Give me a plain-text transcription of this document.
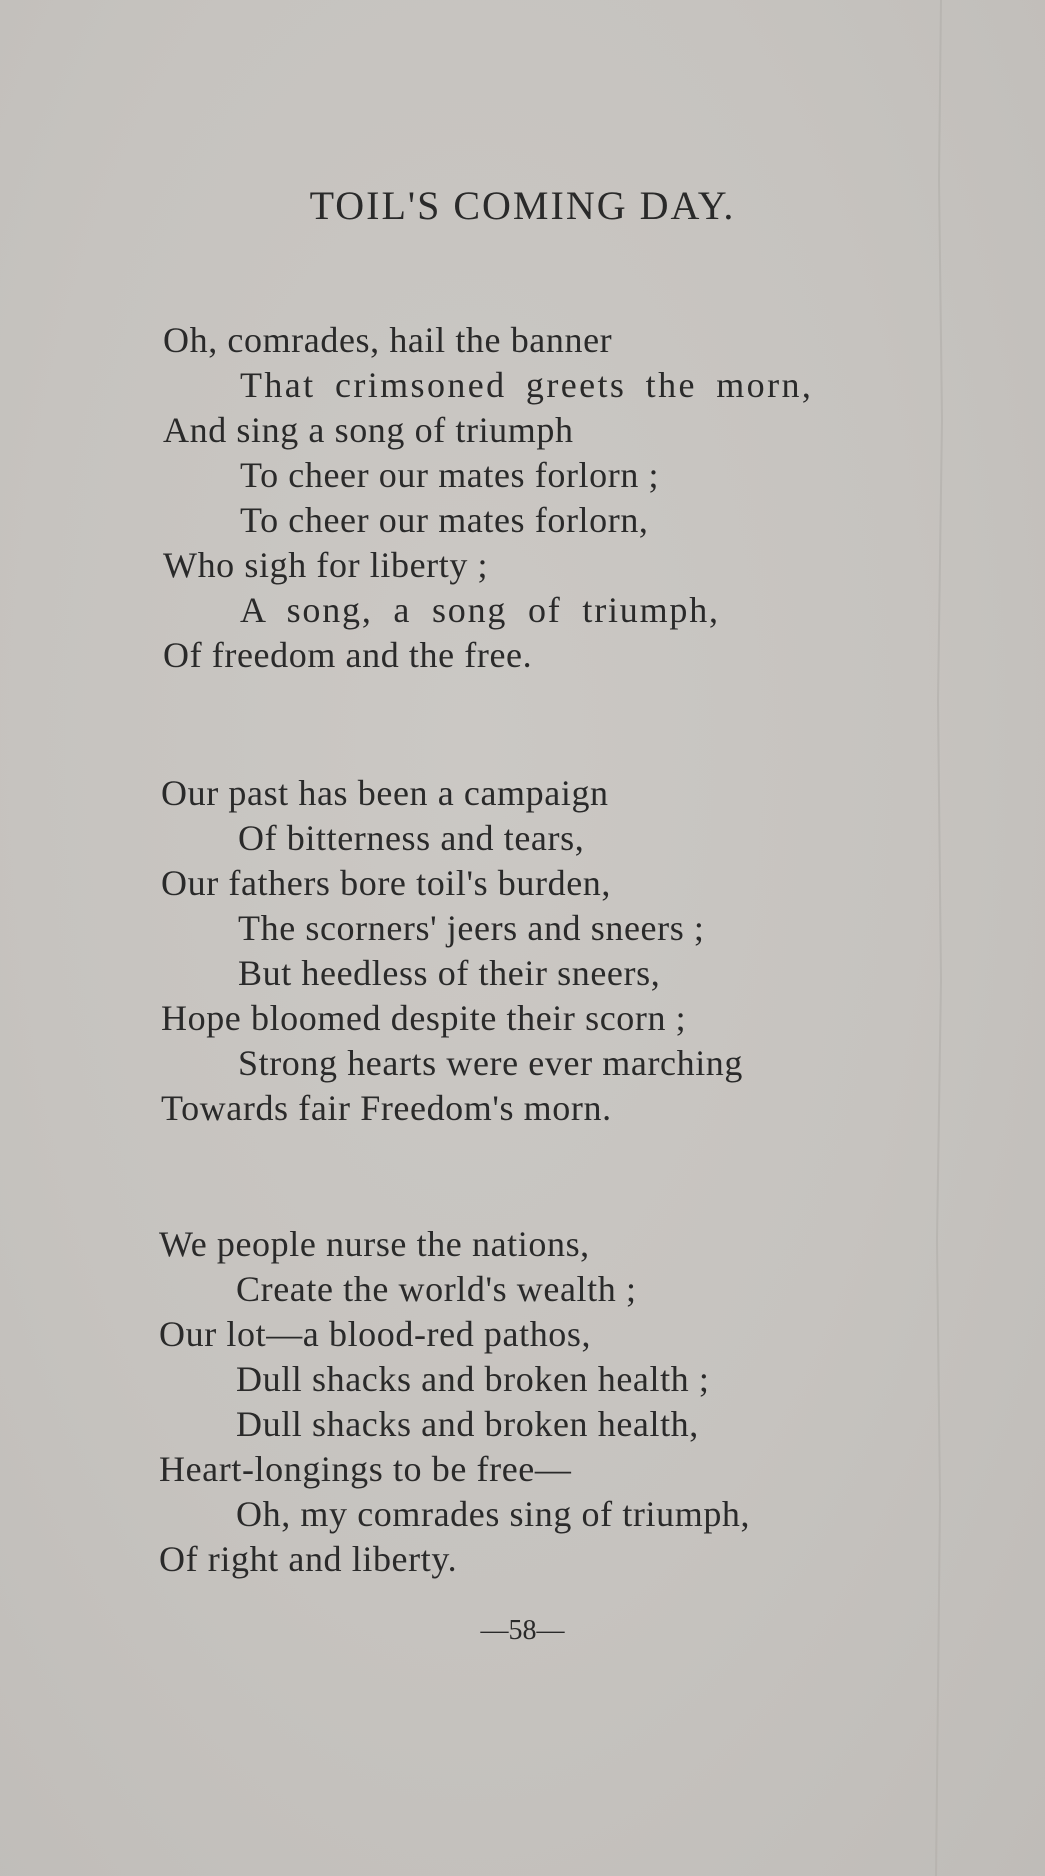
TOIL'S COMING DAY.
Oh, comrades, hail the banner
That crimsoned greets the morn,
And sing a song of triumph
To cheer our mates forlorn ;
To cheer our mates forlorn,
Who sigh for liberty ;
A song, a song of triumph,
Of freedom and the free.
Our past has been a campaign
Of bitterness and tears,
Our fathers bore toil's burden,
The scorners' jeers and sneers ;
But heedless of their sneers,
Hope bloomed despite their scorn ;
Strong hearts were ever marching
Towards fair Freedom's morn.
We people nurse the nations,
Create the world's wealth ;
Our lot—a blood-red pathos,
Dull shacks and broken health ;
Dull shacks and broken health,
Heart-longings to be free—
Oh, my comrades sing of triumph,
Of right and liberty.
—58—
